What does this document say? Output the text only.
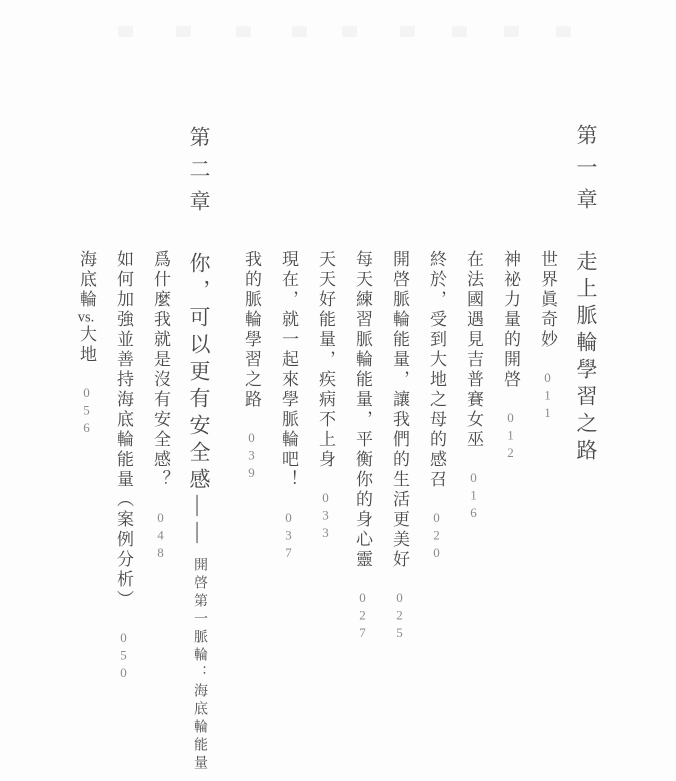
第一章 走上脈輪學習之路
世界眞奇妙 011
神祕力量的開啓 012
在法國遇見吉普賽女巫 016
終於，受到大地之母的感召 020
開啓脈輪能量，讓我們的生活更美好 025
每天練習脈輪能量，平衡你的身心靈 027
天天好能量，疾病不上身 033
現在，就一起來學脈輪吧！ 037
我的脈輪學習之路 039
第二章 你，可以更有安全感—— 開啓第一脈輪：海底輪能量
爲什麼我就是沒有安全感？ 048
如何加強並善持海底輪能量（案例分析） 050
海底輪vs.大地 056
